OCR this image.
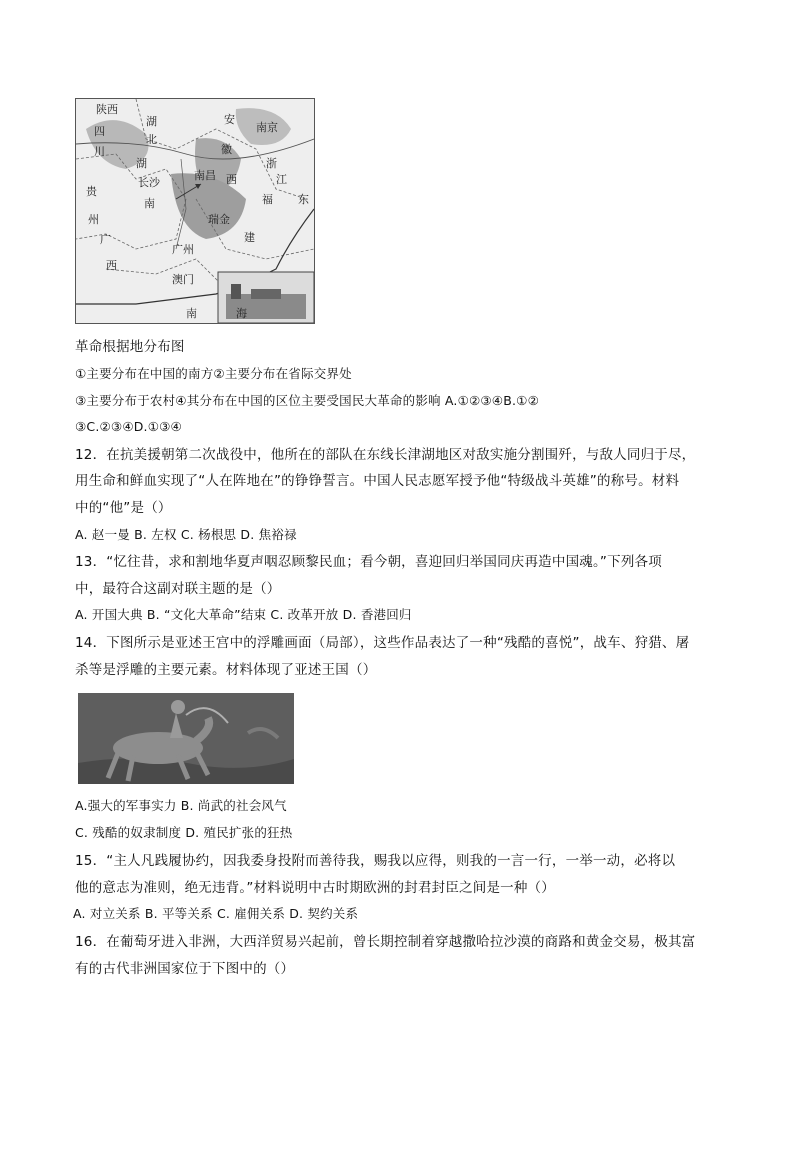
陕西
湖	安
南京
四
川
北
徽
浙
湖
西	江
贵
长沙
南昌
福 东
南
瑞金
州
广	建
广州
西
澳门
南	海
革命根据地分布图
①主要分布在中国的南方②主要分布在省际交界处
③主要分布于农村④其分布在中国的区位主要受国民大革命的影响 A.①②③④B.①②
③C.②③④D.①③④
12．在抗美援朝第二次战役中，他所在的部队在东线长津湖地区对敌实施分割围歼，与敌人同归于尽，
用生命和鲜血实现了“人在阵地在”的铮铮誓言。中国人民志愿军授予他“特级战斗英雄”的称号。材料
中的“他”是（）
A. 赵一曼 B. 左权 C. 杨根思 D. 焦裕禄
13．“忆往昔，求和割地华夏声咽忍顾黎民血；看今朝，喜迎回归举国同庆再造中国魂。”下列各项
中，最符合这副对联主题的是（）
A. 开国大典 B. “文化大革命”结束 C. 改革开放 D. 香港回归
14．下图所示是亚述王宫中的浮雕画面（局部），这些作品表达了一种“残酷的喜悦”，战车、狩猎、屠
杀等是浮雕的主要元素。材料体现了亚述王国（）
A.强大的军事实力 B. 尚武的社会风气
C. 残酷的奴隶制度 D. 殖民扩张的狂热
15．“主人凡践履协约，因我委身投附而善待我，赐我以应得，则我的一言一行，一举一动，必将以
他的意志为准则，绝无违背。”材料说明中古时期欧洲的封君封臣之间是一种（）
A. 对立关系 B. 平等关系 C. 雇佣关系 D. 契约关系
16．在葡萄牙进入非洲，大西洋贸易兴起前，曾长期控制着穿越撒哈拉沙漠的商路和黄金交易，极其富
有的古代非洲国家位于下图中的（）
